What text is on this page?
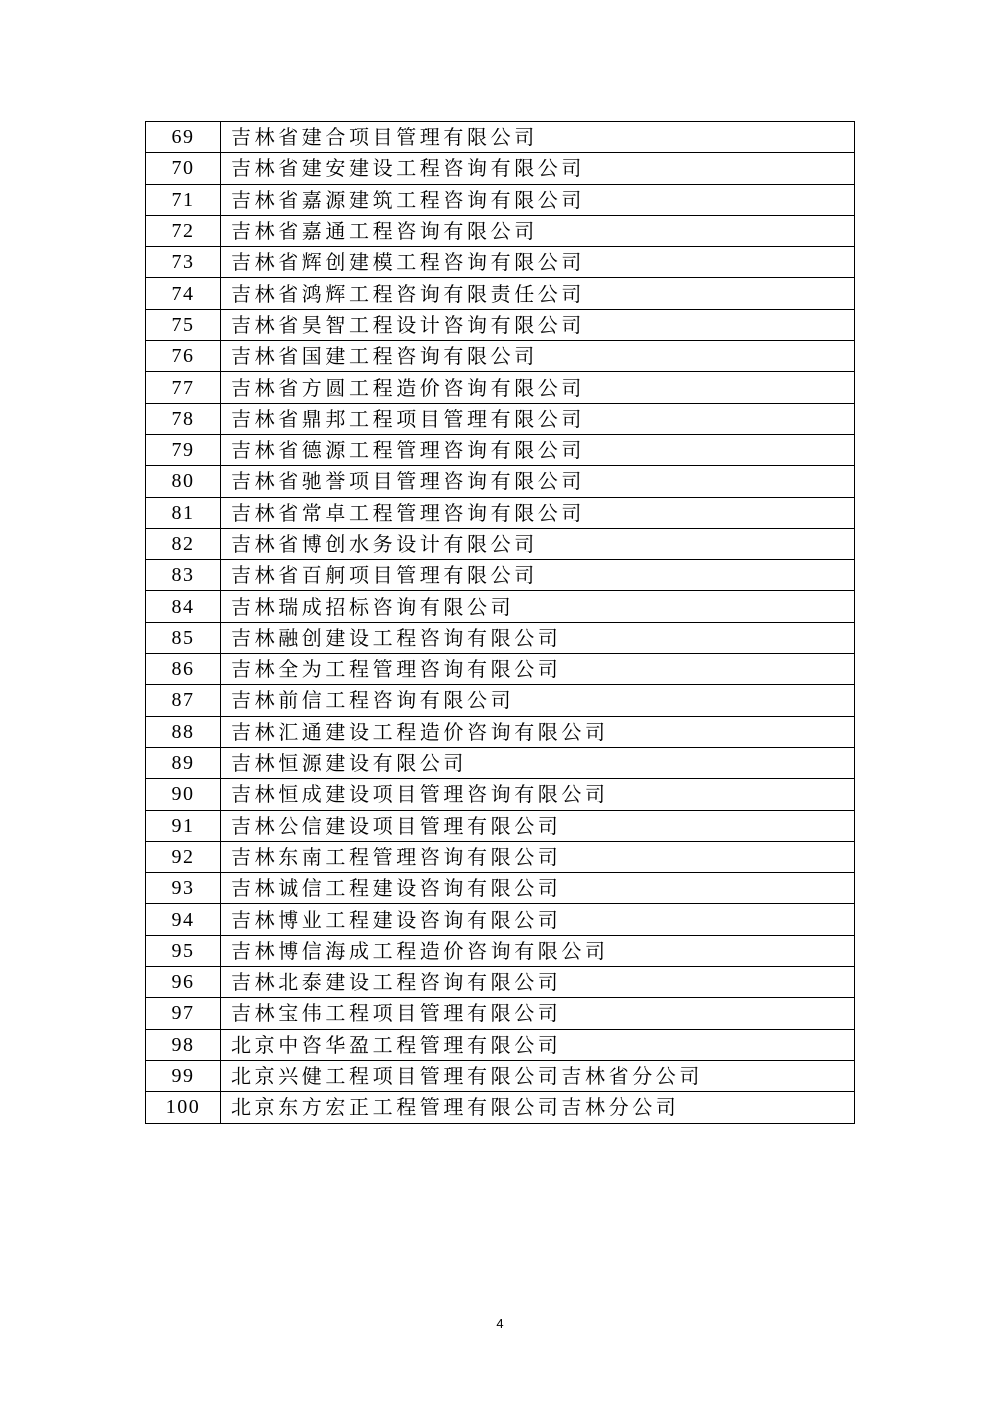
69	吉林省建合项目管理有限公司
70	吉林省建安建设工程咨询有限公司
71	吉林省嘉源建筑工程咨询有限公司
72	吉林省嘉通工程咨询有限公司
73	吉林省辉创建模工程咨询有限公司
74	吉林省鸿辉工程咨询有限责任公司
75	吉林省昊智工程设计咨询有限公司
76	吉林省国建工程咨询有限公司
77	吉林省方圆工程造价咨询有限公司
78	吉林省鼎邦工程项目管理有限公司
79	吉林省德源工程管理咨询有限公司
80	吉林省驰誉项目管理咨询有限公司
81	吉林省常卓工程管理咨询有限公司
82	吉林省博创水务设计有限公司
83	吉林省百舸项目管理有限公司
84	吉林瑞成招标咨询有限公司
85	吉林融创建设工程咨询有限公司
86	吉林全为工程管理咨询有限公司
87	吉林前信工程咨询有限公司
88	吉林汇通建设工程造价咨询有限公司
89	吉林恒源建设有限公司
90	吉林恒成建设项目管理咨询有限公司
91	吉林公信建设项目管理有限公司
92	吉林东南工程管理咨询有限公司
93	吉林诚信工程建设咨询有限公司
94	吉林博业工程建设咨询有限公司
95	吉林博信海成工程造价咨询有限公司
96	吉林北泰建设工程咨询有限公司
97	吉林宝伟工程项目管理有限公司
98	北京中咨华盈工程管理有限公司
99	北京兴健工程项目管理有限公司吉林省分公司
100	北京东方宏正工程管理有限公司吉林分公司
4
